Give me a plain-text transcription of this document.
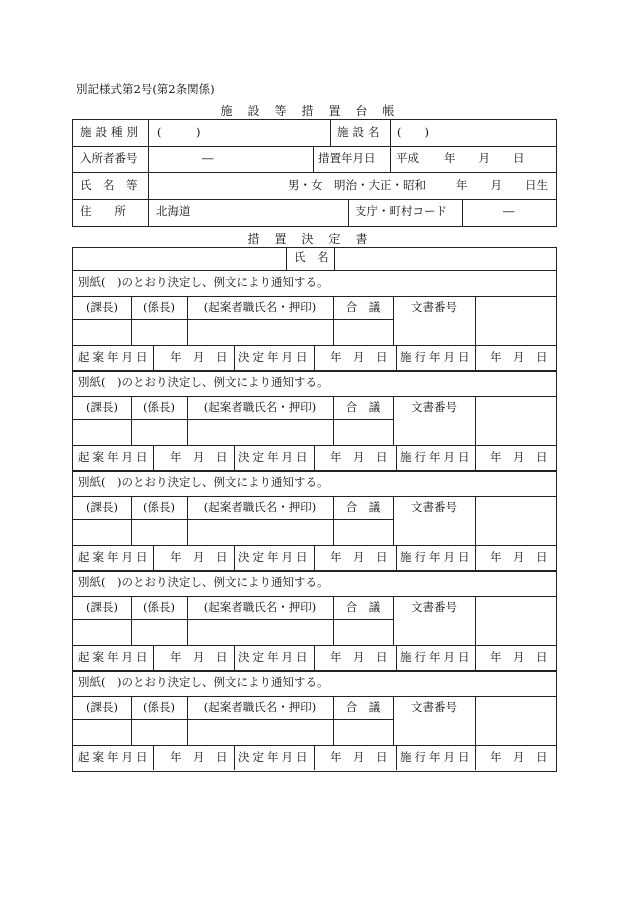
別記様式第2号(第2条関係)
施設等措置台帳
施設種別 (　　　)	施設名 (　　)
入所者番号	―	措置年月日 平成 年　　月　　日
氏　名　等	男・女　明治・大正・昭和	年　　月　　日生
住　　所	北海道	支庁・町村コード	―
措置決定書
氏　名
別紙(　)のとおり決定し、例文により通知する。
(課長) (係長)	(起案者職氏名・押印)	合　議	文書番号
起案年月日 年　月　日 決定年月日 年　月　日 施行年月日 年　月　日
別紙(　)のとおり決定し、例文により通知する。
(課長) (係長)	(起案者職氏名・押印)	合　議	文書番号
起案年月日 年　月　日 決定年月日 年　月　日 施行年月日 年　月　日
別紙(　)のとおり決定し、例文により通知する。
(課長) (係長)	(起案者職氏名・押印)	合　議	文書番号
起案年月日 年　月　日 決定年月日 年　月　日 施行年月日 年　月　日
別紙(　)のとおり決定し、例文により通知する。
(課長) (係長)	(起案者職氏名・押印)	合　議	文書番号
起案年月日 年　月　日 決定年月日 年　月　日 施行年月日 年　月　日
別紙(　)のとおり決定し、例文により通知する。
(課長) (係長)	(起案者職氏名・押印)	合　議	文書番号
起案年月日 年　月　日 決定年月日 年　月　日 施行年月日 年　月　日
